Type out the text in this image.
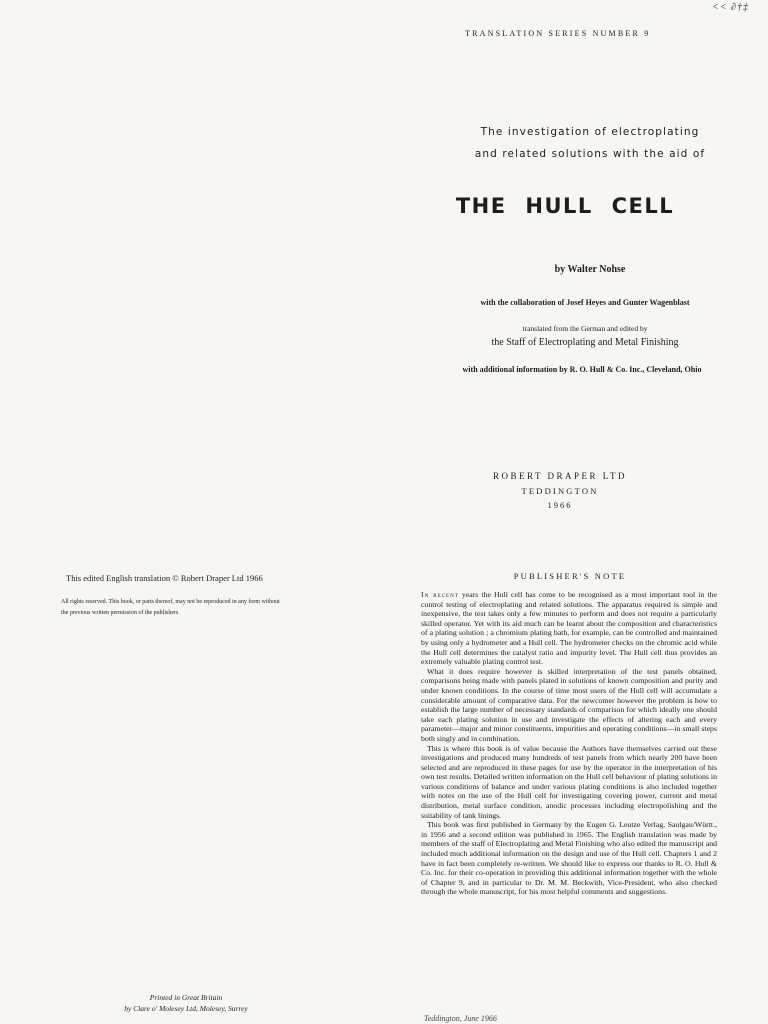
<< ∂†‡
This edited English translation © Robert Draper Ltd 1966
All rights reserved. This book, or parts thereof, may not be reproduced in any form without the previous written permission of the publishers
Printed in Great Britain
by Clare o' Molesey Ltd, Molesey, Surrey
TRANSLATION SERIES NUMBER 9
The investigation of electroplating
and related solutions with the aid of
THE HULL CELL
by Walter Nohse
with the collaboration of Josef Heyes and Gunter Wagenblast
translated from the German and edited by
the Staff of Electroplating and Metal Finishing
with additional information by R. O. Hull & Co. Inc., Cleveland, Ohio
ROBERT DRAPER LTD
TEDDINGTON
1966
PUBLISHER'S NOTE

In recent years the Hull cell has come to be recognised as a most important tool in the control testing of electroplating and related solutions. The apparatus required is simple and inexpensive, the test takes only a few minutes to perform and does not require a particularly skilled operator. Yet with its aid much can be learnt about the composition and characteristics of a plating solution ; a chromium plating bath, for example, can be controlled and maintained by using only a hydrometer and a Hull cell. The hydrometer checks on the chromic acid while the Hull cell determines the catalyst ratio and impurity level. The Hull cell thus provides an extremely valuable plating control test.

What it does require however is skilled interpretation of the test panels obtained, comparisons being made with panels plated in solutions of known composition and purity and under known conditions. In the course of time most users of the Hull cell will accumulate a considerable amount of comparative data. For the newcomer however the problem is how to establish the large number of necessary standards of comparison for which ideally one should take each plating solution in use and investigate the effects of altering each and every parameter—major and minor constituents, impurities and operating conditions—in small steps both singly and in combination.

This is where this book is of value because the Authors have themselves carried out these investigations and produced many hundreds of test panels from which nearly 200 have been selected and are reproduced in these pages for use by the operator in the interpretation of his own test results. Detailed written information on the Hull cell behaviour of plating solutions in various conditions of balance and under various plating conditions is also included together with notes on the use of the Hull cell for investigating covering power, current and metal distribution, metal surface condition, anodic processes including electropolishing and the suitability of tank linings.

This book was first published in Germany by the Eugen G. Leutze Verlag, Saulgau/Württ., in 1956 and a second edition was published in 1965. The English translation was made by members of the staff of Electroplating and Metal Finishing who also edited the manuscript and included much additional information on the design and use of the Hull cell. Chapters 1 and 2 have in fact been completely re-written. We should like to express our thanks to R. O. Hull & Co. Inc. for their co-operation in providing this additional information together with the whole of Chapter 9, and in particular to Dr. M. M. Beckwith, Vice-President, who also checked through the whole manuscript, for his most helpful comments and suggestions.

Teddington, June 1966
